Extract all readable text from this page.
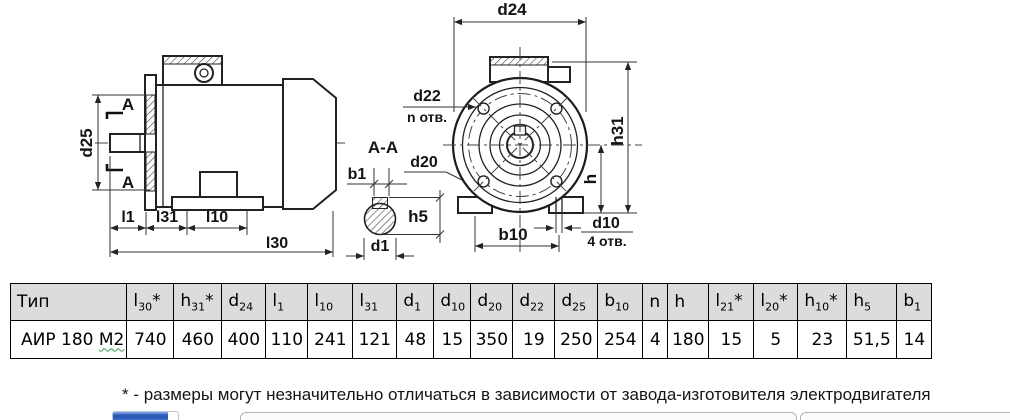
A
A
d25
l1 l31 l10
l30
A-A
b1
h5
d1
d20
d24
h31
h
d22
n отв.
d10
4 отв.
b10
Тип	$l_{30}*$	$h_{31}*$	$d_{24}$	$l_1$	$l_{10}$	$l_{31}$	$d_1$	$d_{10}$	$d_{20}$	$d_{22}$	$d_{25}$	$b_{10}$	n	h	$l_{21}*$	$l_{20}*$	$h_{10}*$	$h_5$	$b_1$
АИР 180 М2	740	460	400	110	241	121	48	15	350	19	250	254	4	180	15	5	23	51,5	14
* - размеры могут незначительно отличаться в зависимости от завода-изготовителя электродвигателя
